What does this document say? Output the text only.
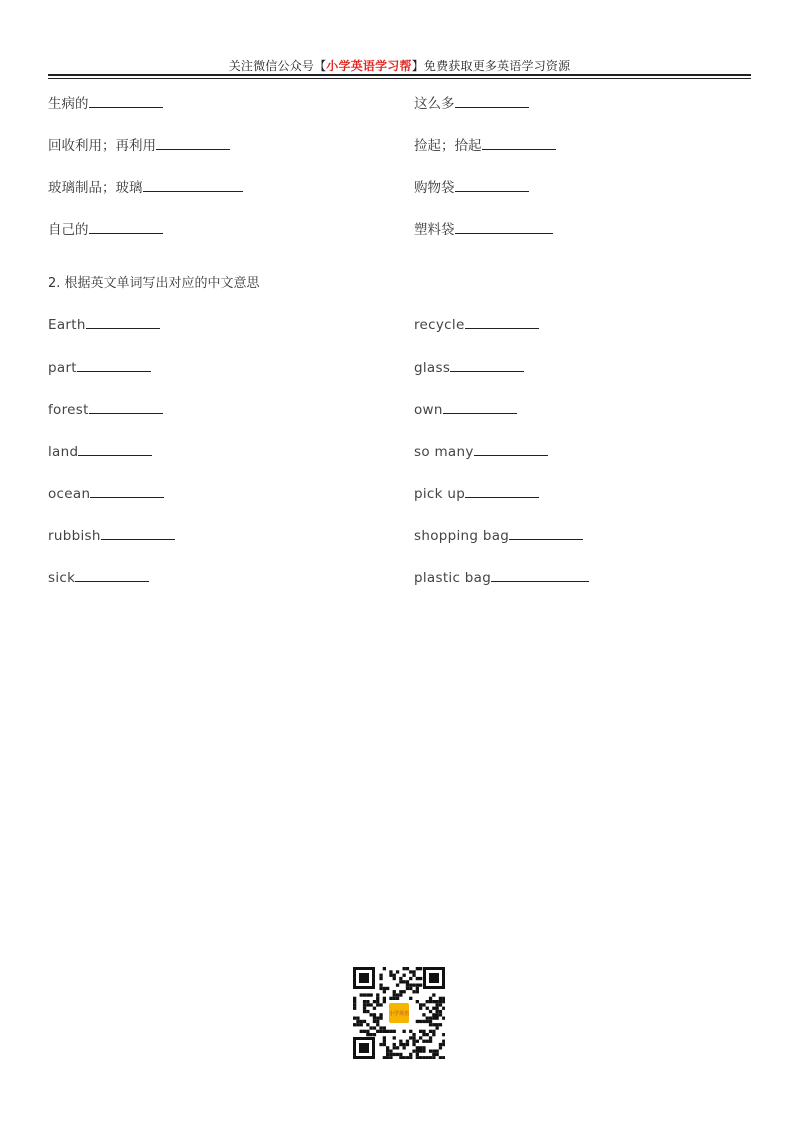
关注微信公众号【小学英语学习帮】免费获取更多英语学习资源
生病的
回收利用；再利用
玻璃制品；玻璃
自己的
这么多
捡起；拾起
购物袋
塑料袋
2. 根据英文单词写出对应的中文意思
Earth
part
forest
land
ocean
rubbish
sick
recycle
glass
own
so many
pick up
shopping bag
plastic bag
小学英语
